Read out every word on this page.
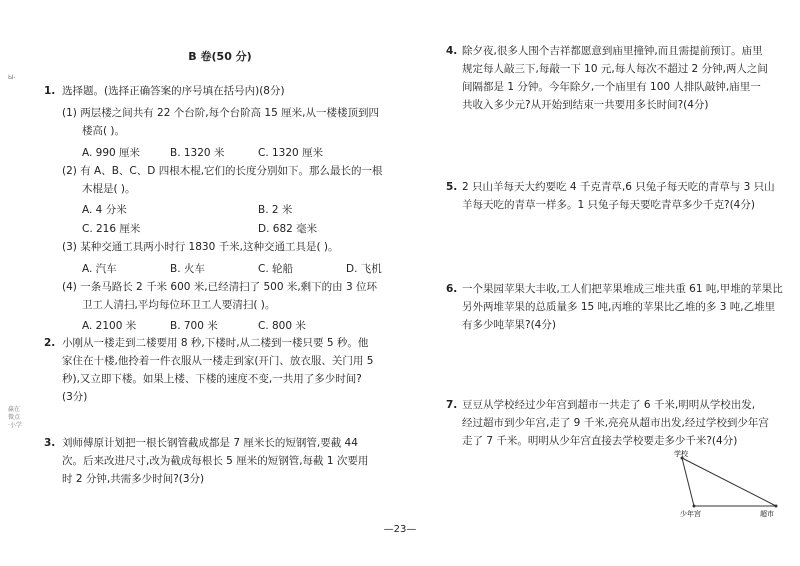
Ы-
赢在
微点
·小学
B 卷(50 分)
1. 选择题。(选择正确答案的序号填在括号内)(8分)
(1) 两层楼之间共有 22 个台阶,每个台阶高 15 厘米,从一楼楼顶到四
楼高( )。
A. 990 厘米	B. 1320 米	C. 1320 厘米
(2) 有 A、B、C、D 四根木棍,它们的长度分别如下。那么最长的一根
木棍是( )。
A. 4 分米	B. 2 米
C. 216 厘米	D. 682 毫米
(3) 某种交通工具两小时行 1830 千米,这种交通工具是( )。
A. 汽车	B. 火车	C. 轮船	D. 飞机
(4) 一条马路长 2 千米 600 米,已经清扫了 500 米,剩下的由 3 位环
卫工人清扫,平均每位环卫工人要清扫( )。
A. 2100 米	B. 700 米	C. 800 米
2. 小刚从一楼走到二楼要用 8 秒,下楼时,从二楼到一楼只要 5 秒。他
家住在十楼,他拎着一件衣服从一楼走到家(开门、放衣服、关门用 5
秒),又立即下楼。如果上楼、下楼的速度不变,一共用了多少时间?
(3分)
3. 刘师傅原计划把一根长钢管截成都是 7 厘米长的短钢管,要截 44
次。后来改进尺寸,改为截成每根长 5 厘米的短钢管,每截 1 次要用
时 2 分钟,共需多少时间?(3分)
4. 除夕夜,很多人围个吉祥都愿意到庙里撞钟,而且需提前预订。庙里
规定每人敲三下,每敲一下 10 元,每人每次不超过 2 分钟,两人之间
间隔都是 1 分钟。今年除夕,一个庙里有 100 人排队敲钟,庙里一
共收入多少元?从开始到结束一共要用多长时间?(4分)
5. 2 只山羊每天大约要吃 4 千克青草,6 只兔子每天吃的青草与 3 只山
羊每天吃的青草一样多。1 只兔子每天要吃青草多少千克?(4分)
6. 一个果园苹果大丰收,工人们把苹果堆成三堆共重 61 吨,甲堆的苹果比
另外两堆苹果的总质量多 15 吨,丙堆的苹果比乙堆的多 3 吨,乙堆里
有多少吨苹果?(4分)
7. 豆豆从学校经过少年宫到超市一共走了 6 千米,明明从学校出发,
经过超市到少年宫,走了 9 千米,亮亮从超市出发,经过学校到少年宫
走了 7 千米。明明从少年宫直接去学校要走多少千米?(4分)
学校
少年宫	超市
—23—
